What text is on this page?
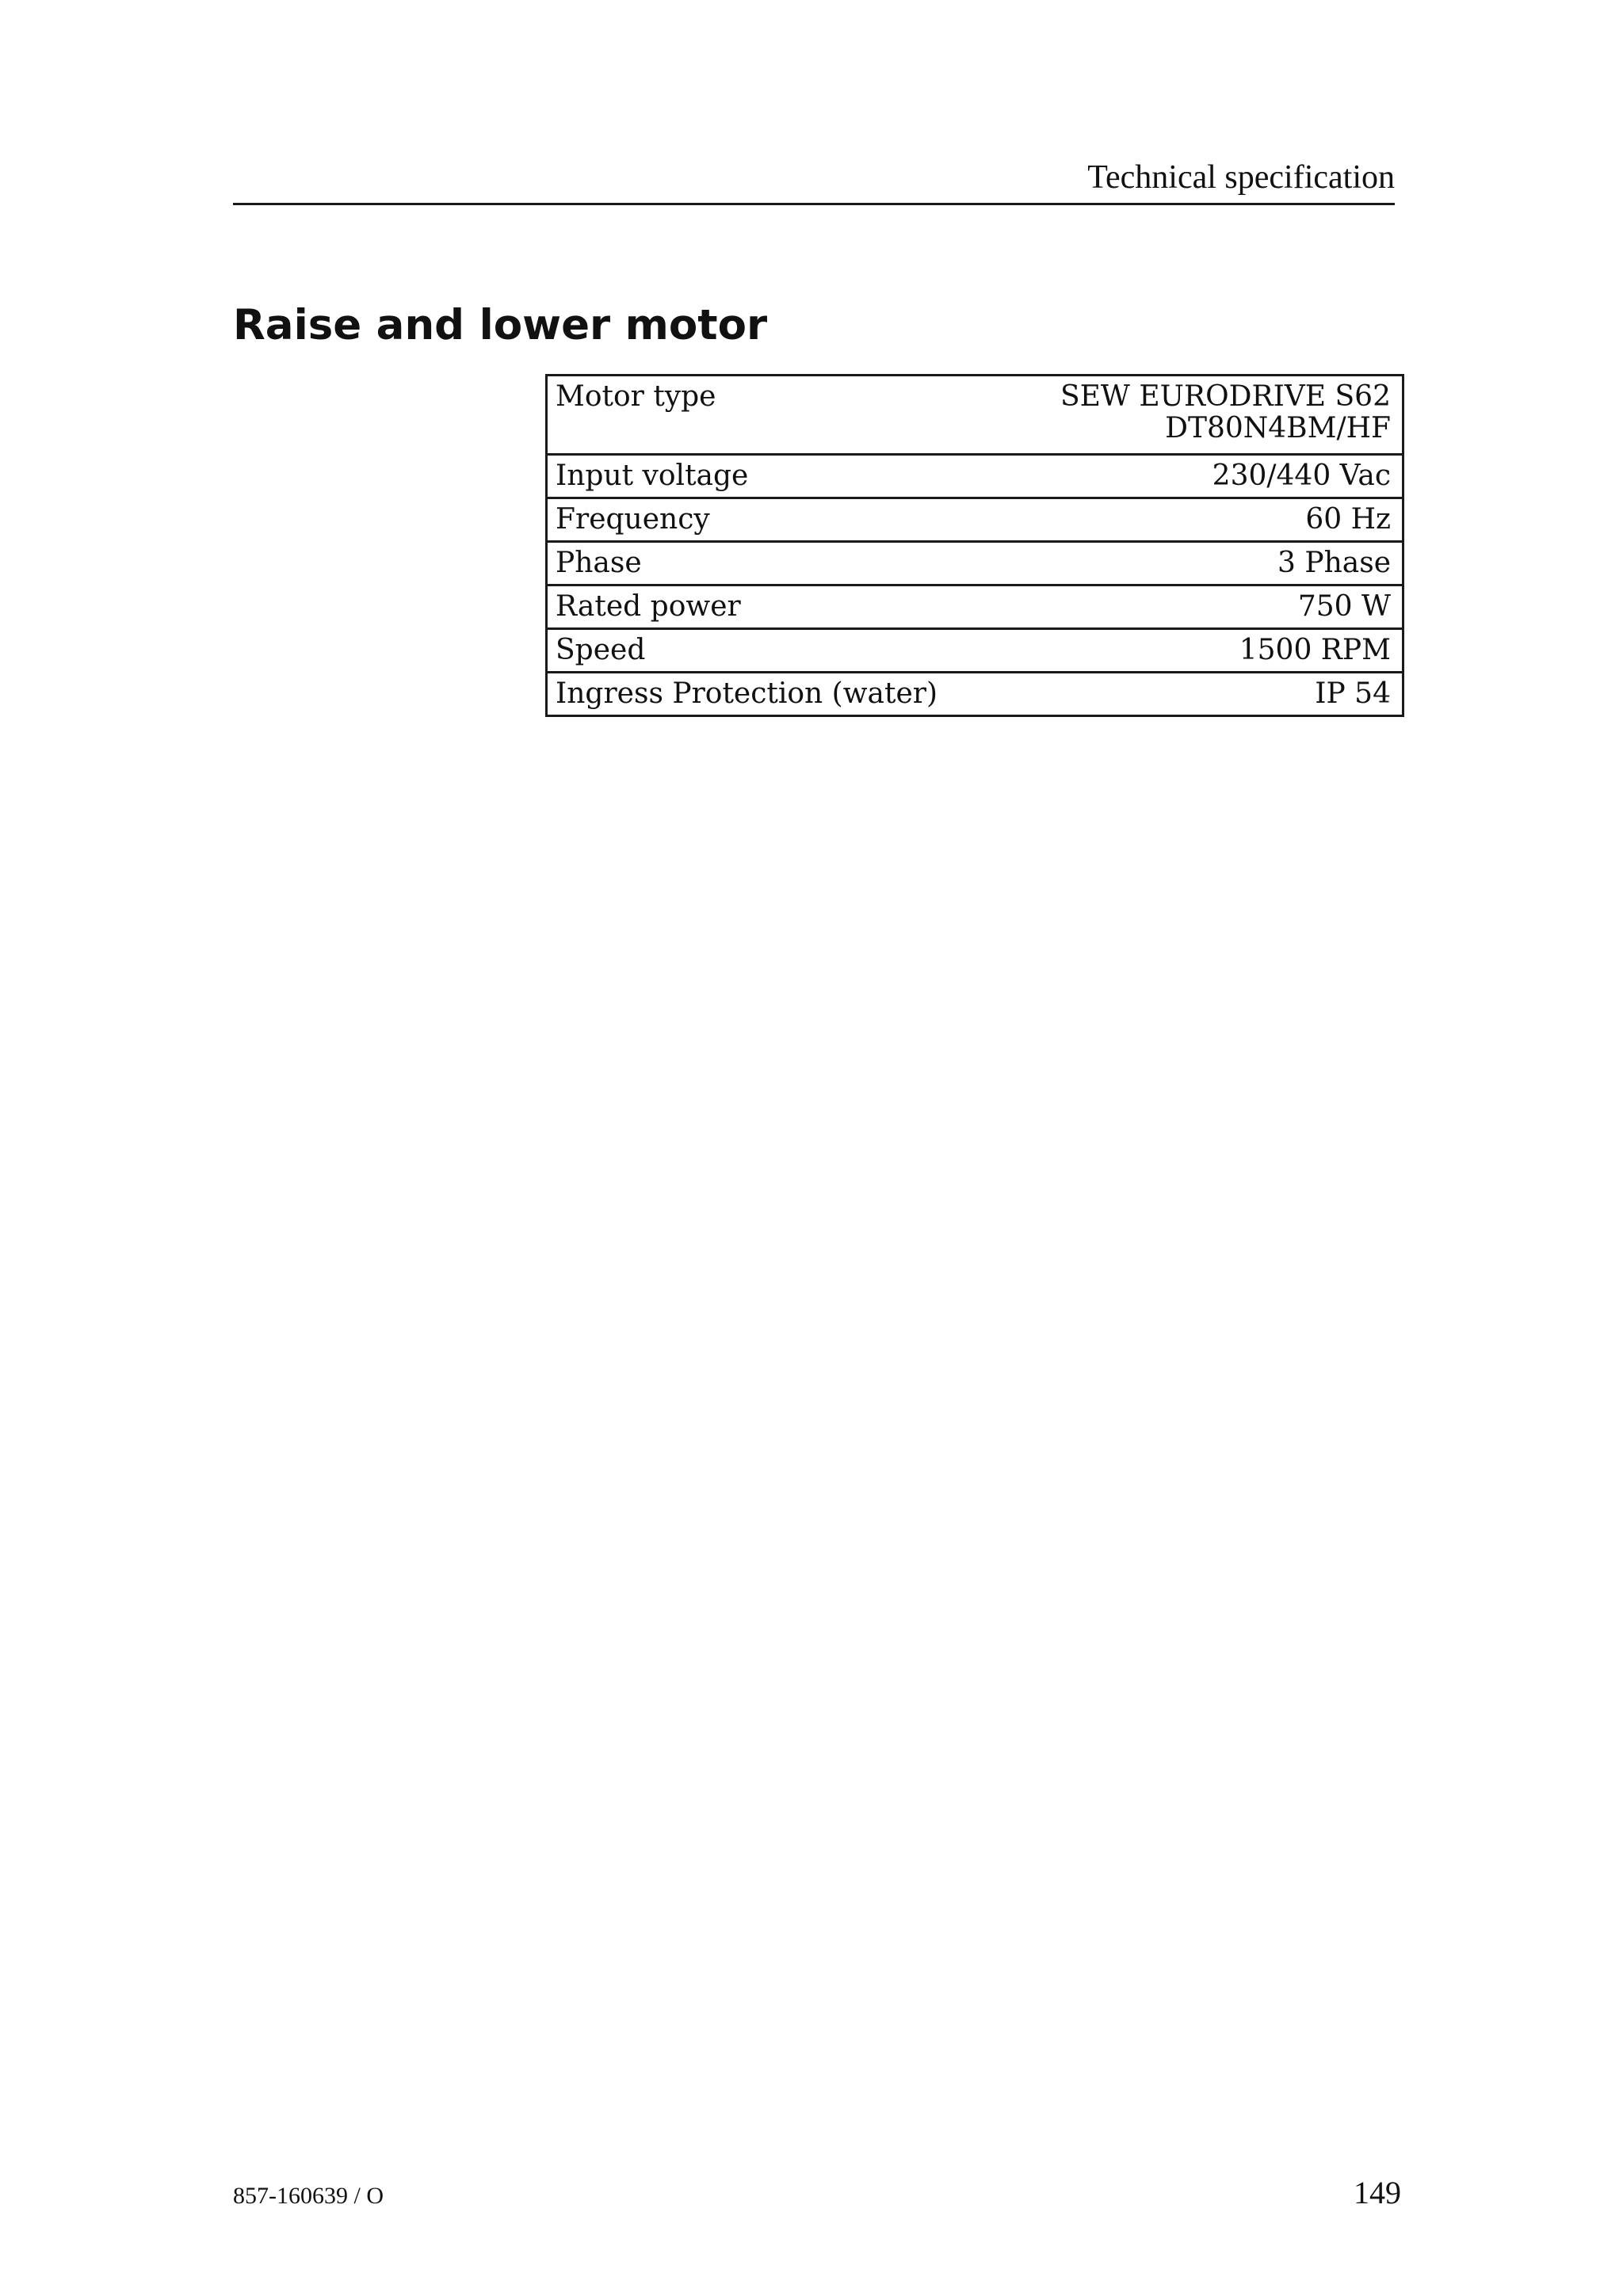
Technical specification
Raise and lower motor
Motor type	SEW EURODRIVE S62
DT80N4BM/HF

Input voltage	230/440 Vac
Frequency	60 Hz
Phase	3 Phase
Rated power	750 W
Speed	1500 RPM
Ingress Protection (water)	IP 54
857-160639 / O	149
